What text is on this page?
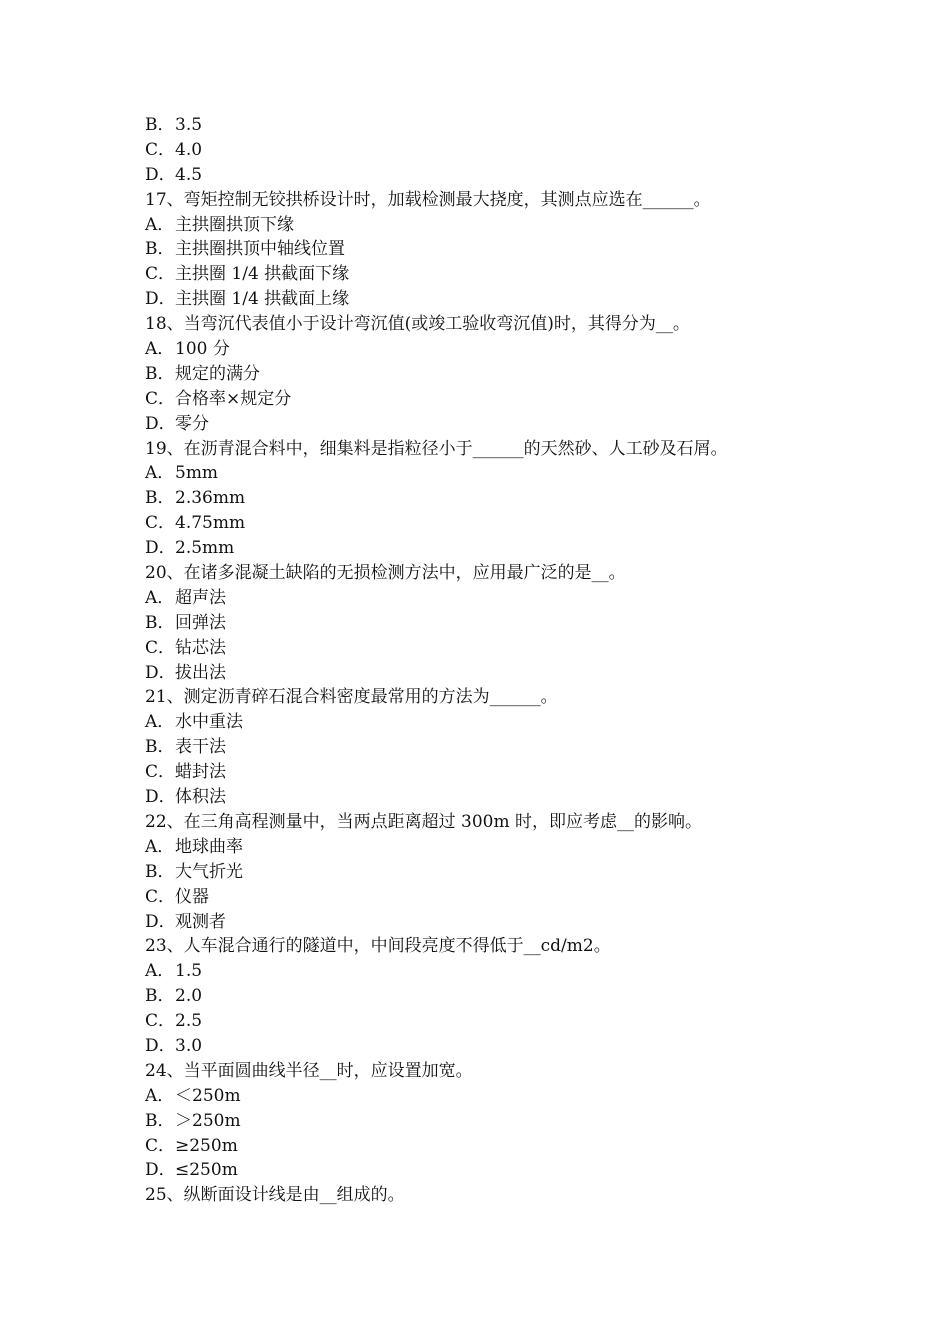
B． 3.5
C． 4.0
D． 4.5
17、弯矩控制无铰拱桥设计时，加载检测最大挠度，其测点应选在______。
A． 主拱圈拱顶下缘
B． 主拱圈拱顶中轴线位置
C． 主拱圈 1/4 拱截面下缘
D． 主拱圈 1/4 拱截面上缘
18、当弯沉代表值小于设计弯沉值(或竣工验收弯沉值)时，其得分为__。
A． 100 分
B． 规定的满分
C． 合格率×规定分
D． 零分
19、在沥青混合料中，细集料是指粒径小于______的天然砂、人工砂及石屑。
A． 5mm
B． 2.36mm
C． 4.75mm
D． 2.5mm
20、在诸多混凝土缺陷的无损检测方法中，应用最广泛的是__。
A． 超声法
B． 回弹法
C． 钻芯法
D． 拔出法
21、测定沥青碎石混合料密度最常用的方法为______。
A． 水中重法
B． 表干法
C． 蜡封法
D． 体积法
22、在三角高程测量中，当两点距离超过 300m 时，即应考虑__的影响。
A． 地球曲率
B． 大气折光
C． 仪器
D． 观测者
23、人车混合通行的隧道中，中间段亮度不得低于__cd/m2。
A． 1.5
B． 2.0
C． 2.5
D． 3.0
24、当平面圆曲线半径__时，应设置加宽。
A． ＜250m
B． ＞250m
C． ≥250m
D． ≤250m
25、纵断面设计线是由__组成的。
